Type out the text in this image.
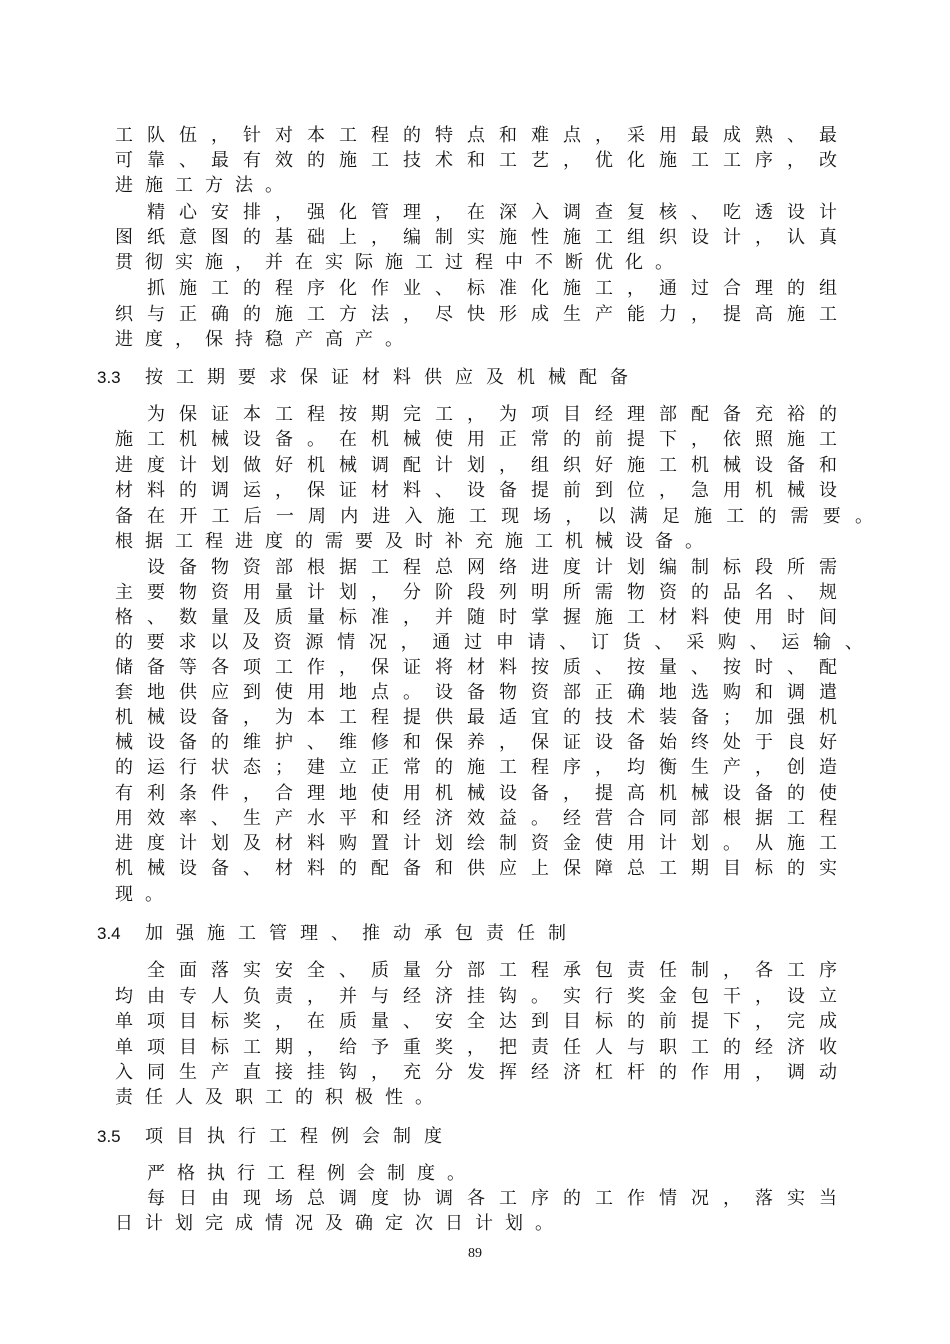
工 队 伍 ， 针 对 本 工 程 的 特 点 和 难 点 ， 采 用 最 成 熟 、 最
可 靠 、 最 有 效 的 施 工 技 术 和 工 艺 ， 优 化 施 工 工 序 ， 改
进 施 工 方 法 。
精 心 安 排 ， 强 化 管 理 ， 在 深 入 调 查 复 核 、 吃 透 设 计
图 纸 意 图 的 基 础 上 ， 编 制 实 施 性 施 工 组 织 设 计 ， 认 真
贯 彻 实 施 ， 并 在 实 际 施 工 过 程 中 不 断 优 化 。
抓 施 工 的 程 序 化 作 业 、 标 准 化 施 工 ， 通 过 合 理 的 组
织 与 正 确 的 施 工 方 法 ， 尽 快 形 成 生 产 能 力 ， 提 高 施 工
进 度 ， 保 持 稳 产 高 产 。
3.3 按工期要求保证材料供应及机械配备
为 保 证 本 工 程 按 期 完 工 ， 为 项 目 经 理 部 配 备 充 裕 的
施 工 机 械 设 备 。 在 机 械 使 用 正 常 的 前 提 下 ， 依 照 施 工
进 度 计 划 做 好 机 械 调 配 计 划 ， 组 织 好 施 工 机 械 设 备 和
材 料 的 调 运 ， 保 证 材 料 、 设 备 提 前 到 位 ， 急 用 机 械 设
备 在 开 工 后 一 周 内 进 入 施 工 现 场 ， 以 满 足 施 工 的 需 要 。
根 据 工 程 进 度 的 需 要 及 时 补 充 施 工 机 械 设 备 。
设 备 物 资 部 根 据 工 程 总 网 络 进 度 计 划 编 制 标 段 所 需
主 要 物 资 用 量 计 划 ， 分 阶 段 列 明 所 需 物 资 的 品 名 、 规
格 、 数 量 及 质 量 标 准 ， 并 随 时 掌 握 施 工 材 料 使 用 时 间
的 要 求 以 及 资 源 情 况 ， 通 过 申 请 、 订 货 、 采 购 、 运 输 、
储 备 等 各 项 工 作 ， 保 证 将 材 料 按 质 、 按 量 、 按 时 、 配
套 地 供 应 到 使 用 地 点 。 设 备 物 资 部 正 确 地 选 购 和 调 遣
机 械 设 备 ， 为 本 工 程 提 供 最 适 宜 的 技 术 装 备 ； 加 强 机
械 设 备 的 维 护 、 维 修 和 保 养 ， 保 证 设 备 始 终 处 于 良 好
的 运 行 状 态 ； 建 立 正 常 的 施 工 程 序 ， 均 衡 生 产 ， 创 造
有 利 条 件 ， 合 理 地 使 用 机 械 设 备 ， 提 高 机 械 设 备 的 使
用 效 率 、 生 产 水 平 和 经 济 效 益 。 经 营 合 同 部 根 据 工 程
进 度 计 划 及 材 料 购 置 计 划 绘 制 资 金 使 用 计 划 。 从 施 工
机 械 设 备 、 材 料 的 配 备 和 供 应 上 保 障 总 工 期 目 标 的 实
现 。
3.4 加强施工管理、推动承包责任制
全 面 落 实 安 全 、 质 量 分 部 工 程 承 包 责 任 制 ， 各 工 序
均 由 专 人 负 责 ， 并 与 经 济 挂 钩 。 实 行 奖 金 包 干 ， 设 立
单 项 目 标 奖 ， 在 质 量 、 安 全 达 到 目 标 的 前 提 下 ， 完 成
单 项 目 标 工 期 ， 给 予 重 奖 ， 把 责 任 人 与 职 工 的 经 济 收
入 同 生 产 直 接 挂 钩 ， 充 分 发 挥 经 济 杠 杆 的 作 用 ， 调 动
责 任 人 及 职 工 的 积 极 性 。
3.5 项目执行工程例会制度
严 格 执 行 工 程 例 会 制 度 。
每 日 由 现 场 总 调 度 协 调 各 工 序 的 工 作 情 况 ， 落 实 当
日 计 划 完 成 情 况 及 确 定 次 日 计 划 。
89
